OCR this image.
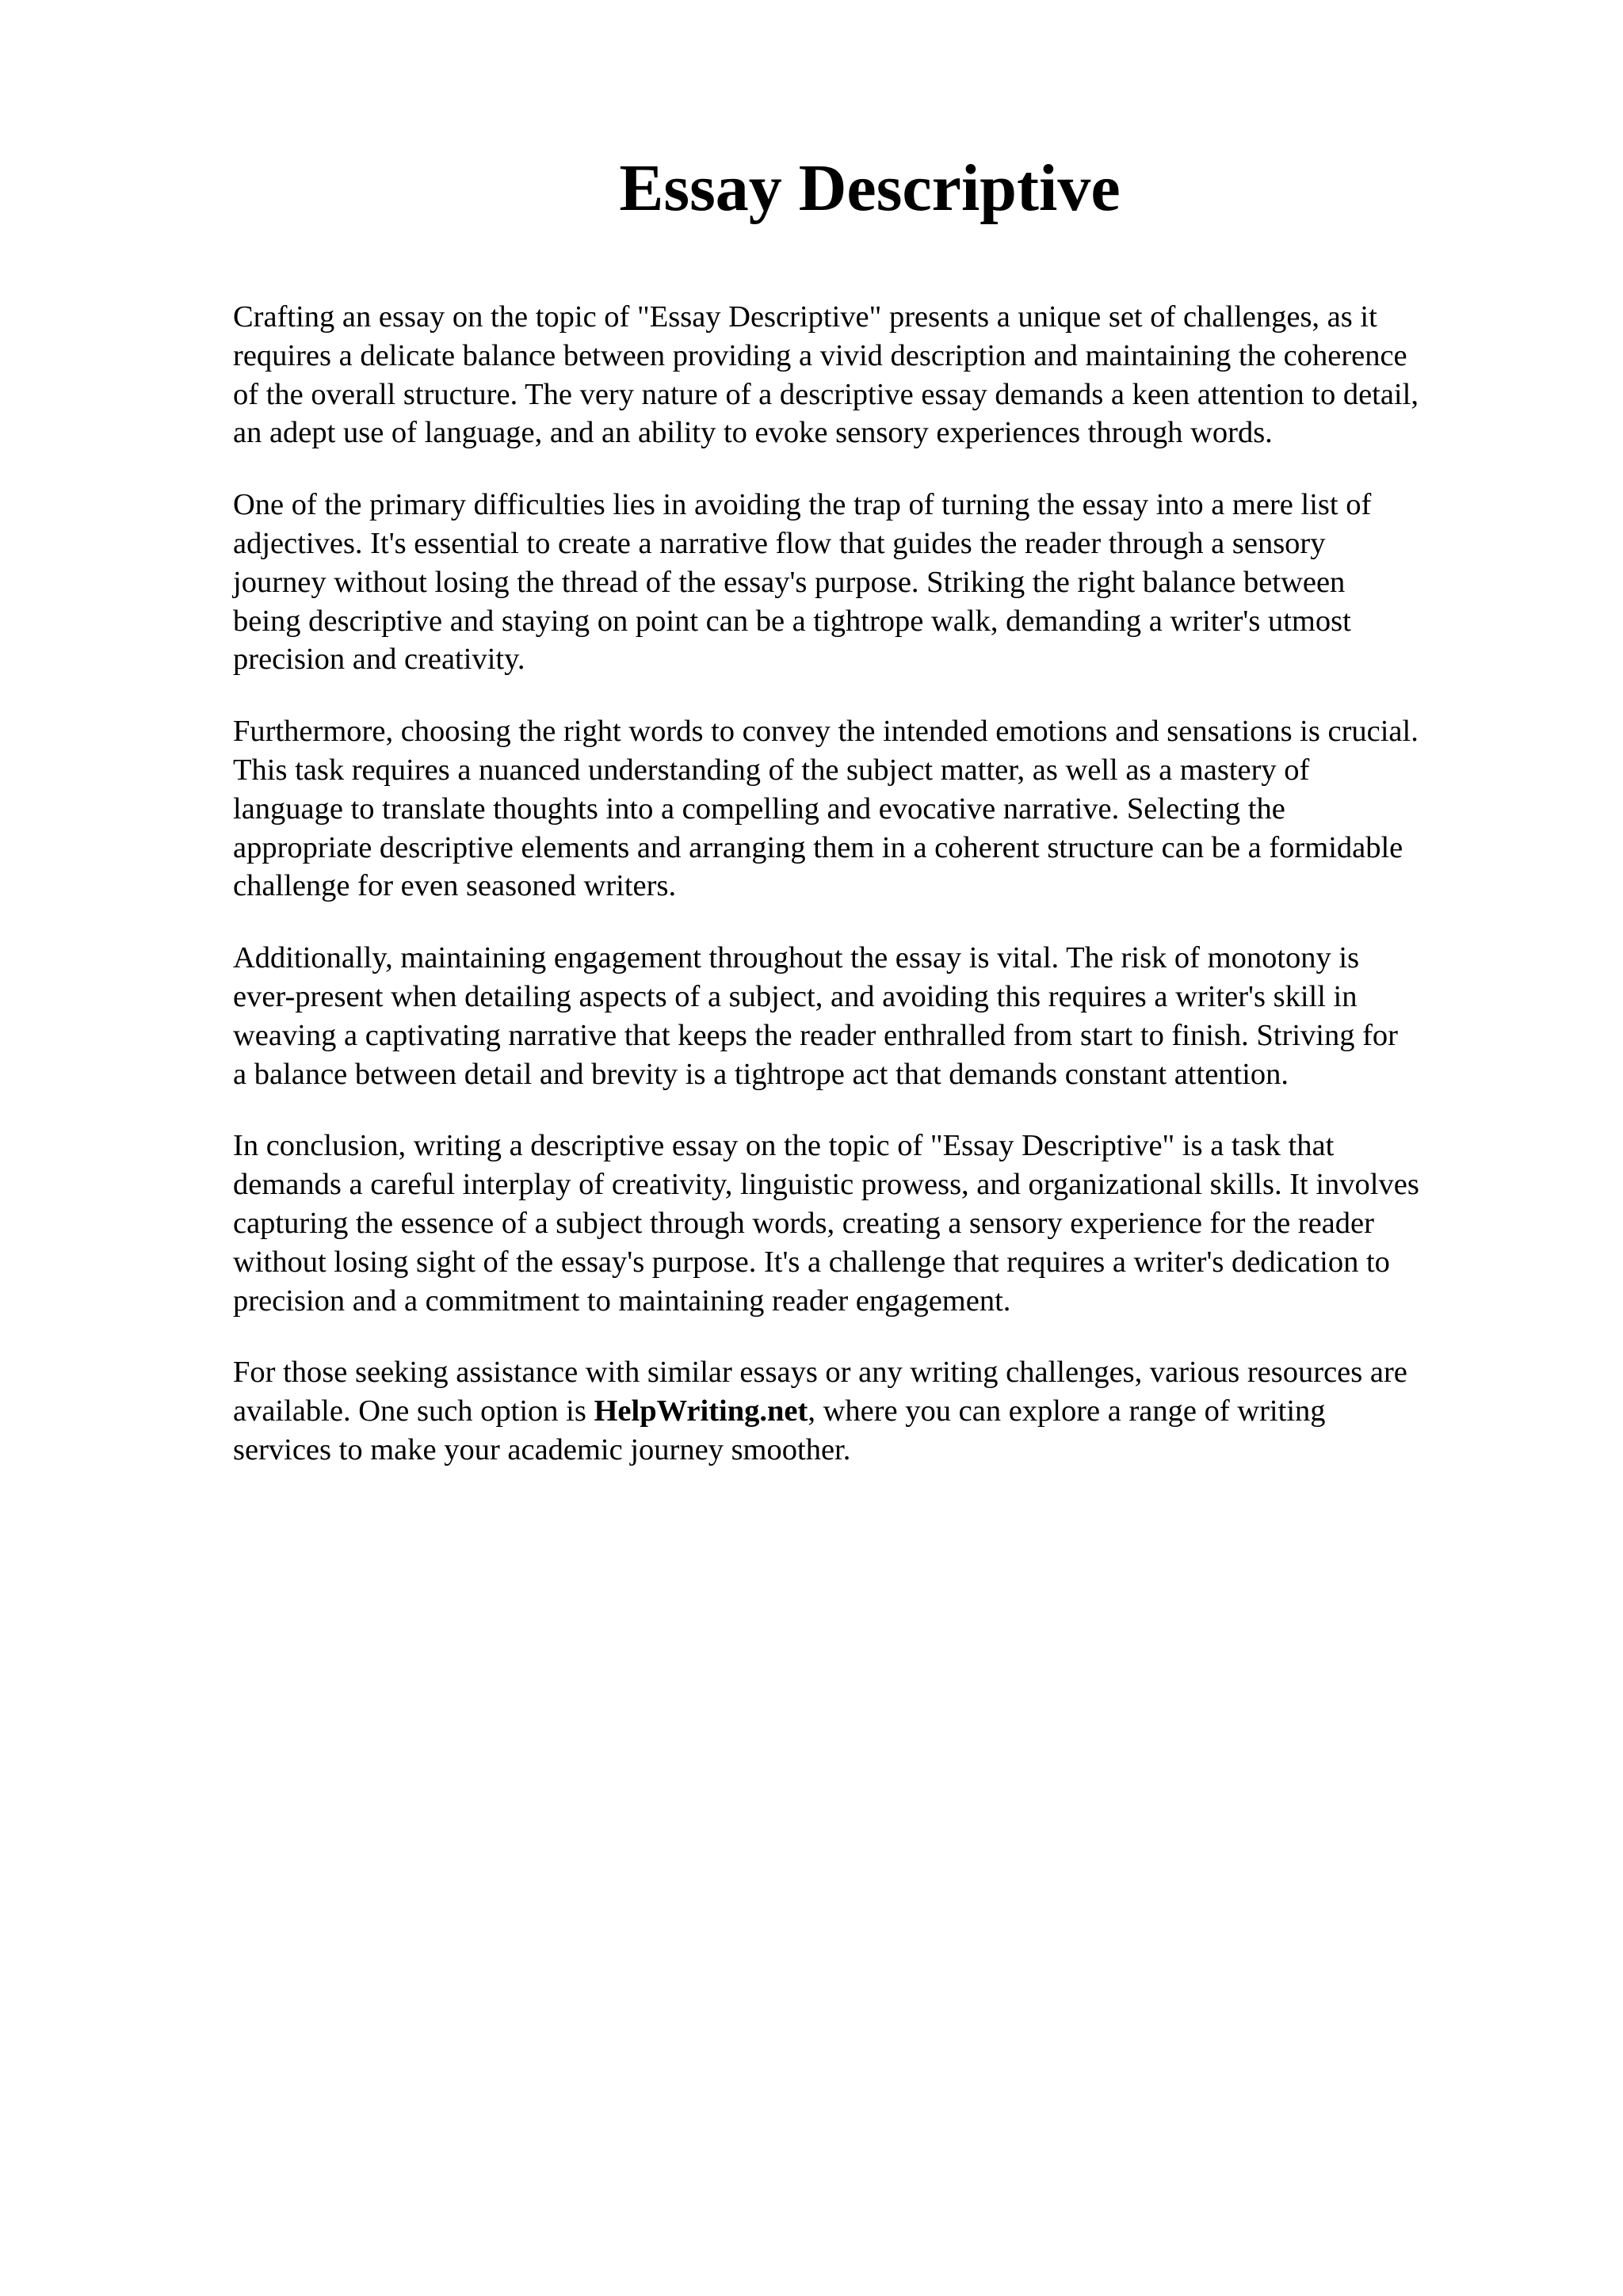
Essay Descriptive

Crafting an essay on the topic of "Essay Descriptive" presents a unique set of challenges, as it
requires a delicate balance between providing a vivid description and maintaining the coherence
of the overall structure. The very nature of a descriptive essay demands a keen attention to detail,
an adept use of language, and an ability to evoke sensory experiences through words.

One of the primary difficulties lies in avoiding the trap of turning the essay into a mere list of
adjectives. It's essential to create a narrative flow that guides the reader through a sensory
journey without losing the thread of the essay's purpose. Striking the right balance between
being descriptive and staying on point can be a tightrope walk, demanding a writer's utmost
precision and creativity.

Furthermore, choosing the right words to convey the intended emotions and sensations is crucial.
This task requires a nuanced understanding of the subject matter, as well as a mastery of
language to translate thoughts into a compelling and evocative narrative. Selecting the
appropriate descriptive elements and arranging them in a coherent structure can be a formidable
challenge for even seasoned writers.

Additionally, maintaining engagement throughout the essay is vital. The risk of monotony is
ever-present when detailing aspects of a subject, and avoiding this requires a writer's skill in
weaving a captivating narrative that keeps the reader enthralled from start to finish. Striving for
a balance between detail and brevity is a tightrope act that demands constant attention.

In conclusion, writing a descriptive essay on the topic of "Essay Descriptive" is a task that
demands a careful interplay of creativity, linguistic prowess, and organizational skills. It involves
capturing the essence of a subject through words, creating a sensory experience for the reader
without losing sight of the essay's purpose. It's a challenge that requires a writer's dedication to
precision and a commitment to maintaining reader engagement.

For those seeking assistance with similar essays or any writing challenges, various resources are
available. One such option is HelpWriting.net, where you can explore a range of writing
services to make your academic journey smoother.
